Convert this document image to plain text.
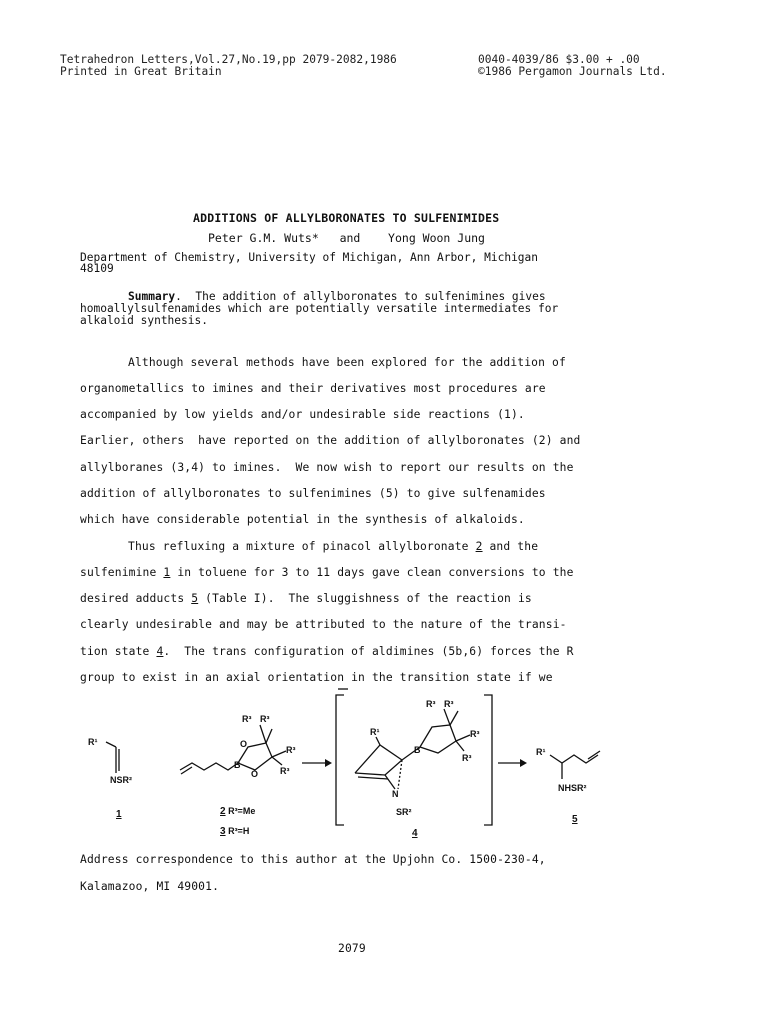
Tetrahedron Letters,Vol.27,No.19,pp 2079-2082,1986
Printed in Great Britain
0040-4039/86 $3.00 + .00
©1986 Pergamon Journals Ltd.
ADDITIONS OF ALLYLBORONATES TO SULFENIMIDES
Peter G.M. Wuts* and Yong Woon Jung
Department of Chemistry, University of Michigan, Ann Arbor, Michigan
48109
Summary.  The addition of allylboronates to sulfenimines gives
homoallylsulfenamides which are potentially versatile intermediates for
alkaloid synthesis.
Although several methods have been explored for the addition of
organometallics to imines and their derivatives most procedures are
accompanied by low yields and/or undesirable side reactions (1).
Earlier, others  have reported on the addition of allylboronates (2) and
allylboranes (3,4) to imines.  We now wish to report our results on the
addition of allylboronates to sulfenimines (5) to give sulfenamides
which have considerable potential in the synthesis of alkaloids.
Thus refluxing a mixture of pinacol allylboronate 2 and the
sulfenimine 1 in toluene for 3 to 11 days gave clean conversions to the
desired adducts 5 (Table I).  The sluggishness of the reaction is
clearly undesirable and may be attributed to the nature of the transi-
tion state 4.  The trans configuration of aldimines (5b,6) forces the R
group to exist in an axial orientation in the transition state if we
R¹
NSR²
1
R³ R³
R³
R³
O
B
O
2 R³=Me
3 R³=H
R¹
R³ R³
R³
R³
B
N
SR²
4
R¹
NHSR²
5
Address correspondence to this author at the Upjohn Co. 1500-230-4,
Kalamazoo, MI 49001.
2079
